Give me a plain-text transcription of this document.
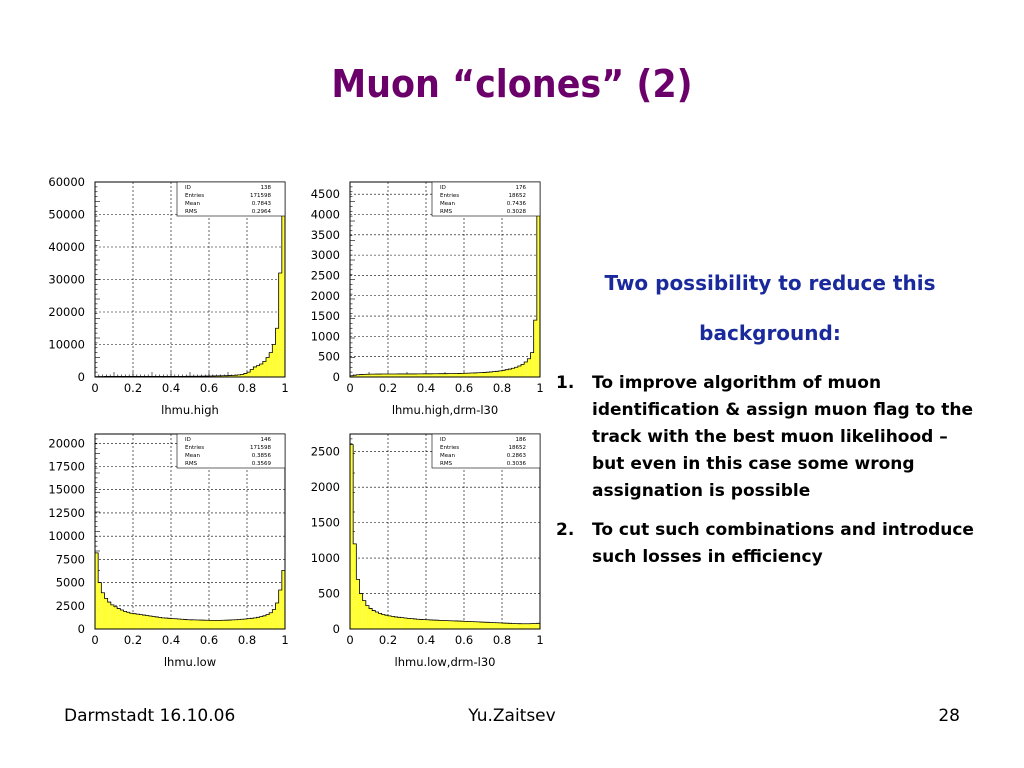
Muon “clones” (2)
0 0.2 0.4 0.6 0.8 1
0
10000
20000
30000
40000
50000
60000
lhmu.high
ID	138
Entries	171598
Mean	0.7843
RMS	0.2964
0 0.2 0.4 0.6 0.8 1
0
500
1000
1500
2000
2500
3000
3500
4000
4500
lhmu.high,drm-l30
ID	176
Entries	18652
Mean	0.7436
RMS	0.3028
0 0.2 0.4 0.6 0.8 1
0
2500
5000
7500
10000
12500
15000
17500
20000
lhmu.low
ID	146
Entries	171598
Mean	0.3856
RMS	0.3569
0 0.2 0.4 0.6 0.8 1
0
500
1000
1500
2000
2500
lhmu.low,drm-l30
ID	186
Entries	18652
Mean	0.2863
RMS	0.3036
Two possibility to reduce this
background:
1.	To improve algorithm of muon identification & assign muon flag to the track with the best muon likelihood – but even in this case some wrong assignation is possible
2.	To cut such combinations and introduce such losses in efficiency
Darmstadt 16.10.06	Yu.Zaitsev	28
